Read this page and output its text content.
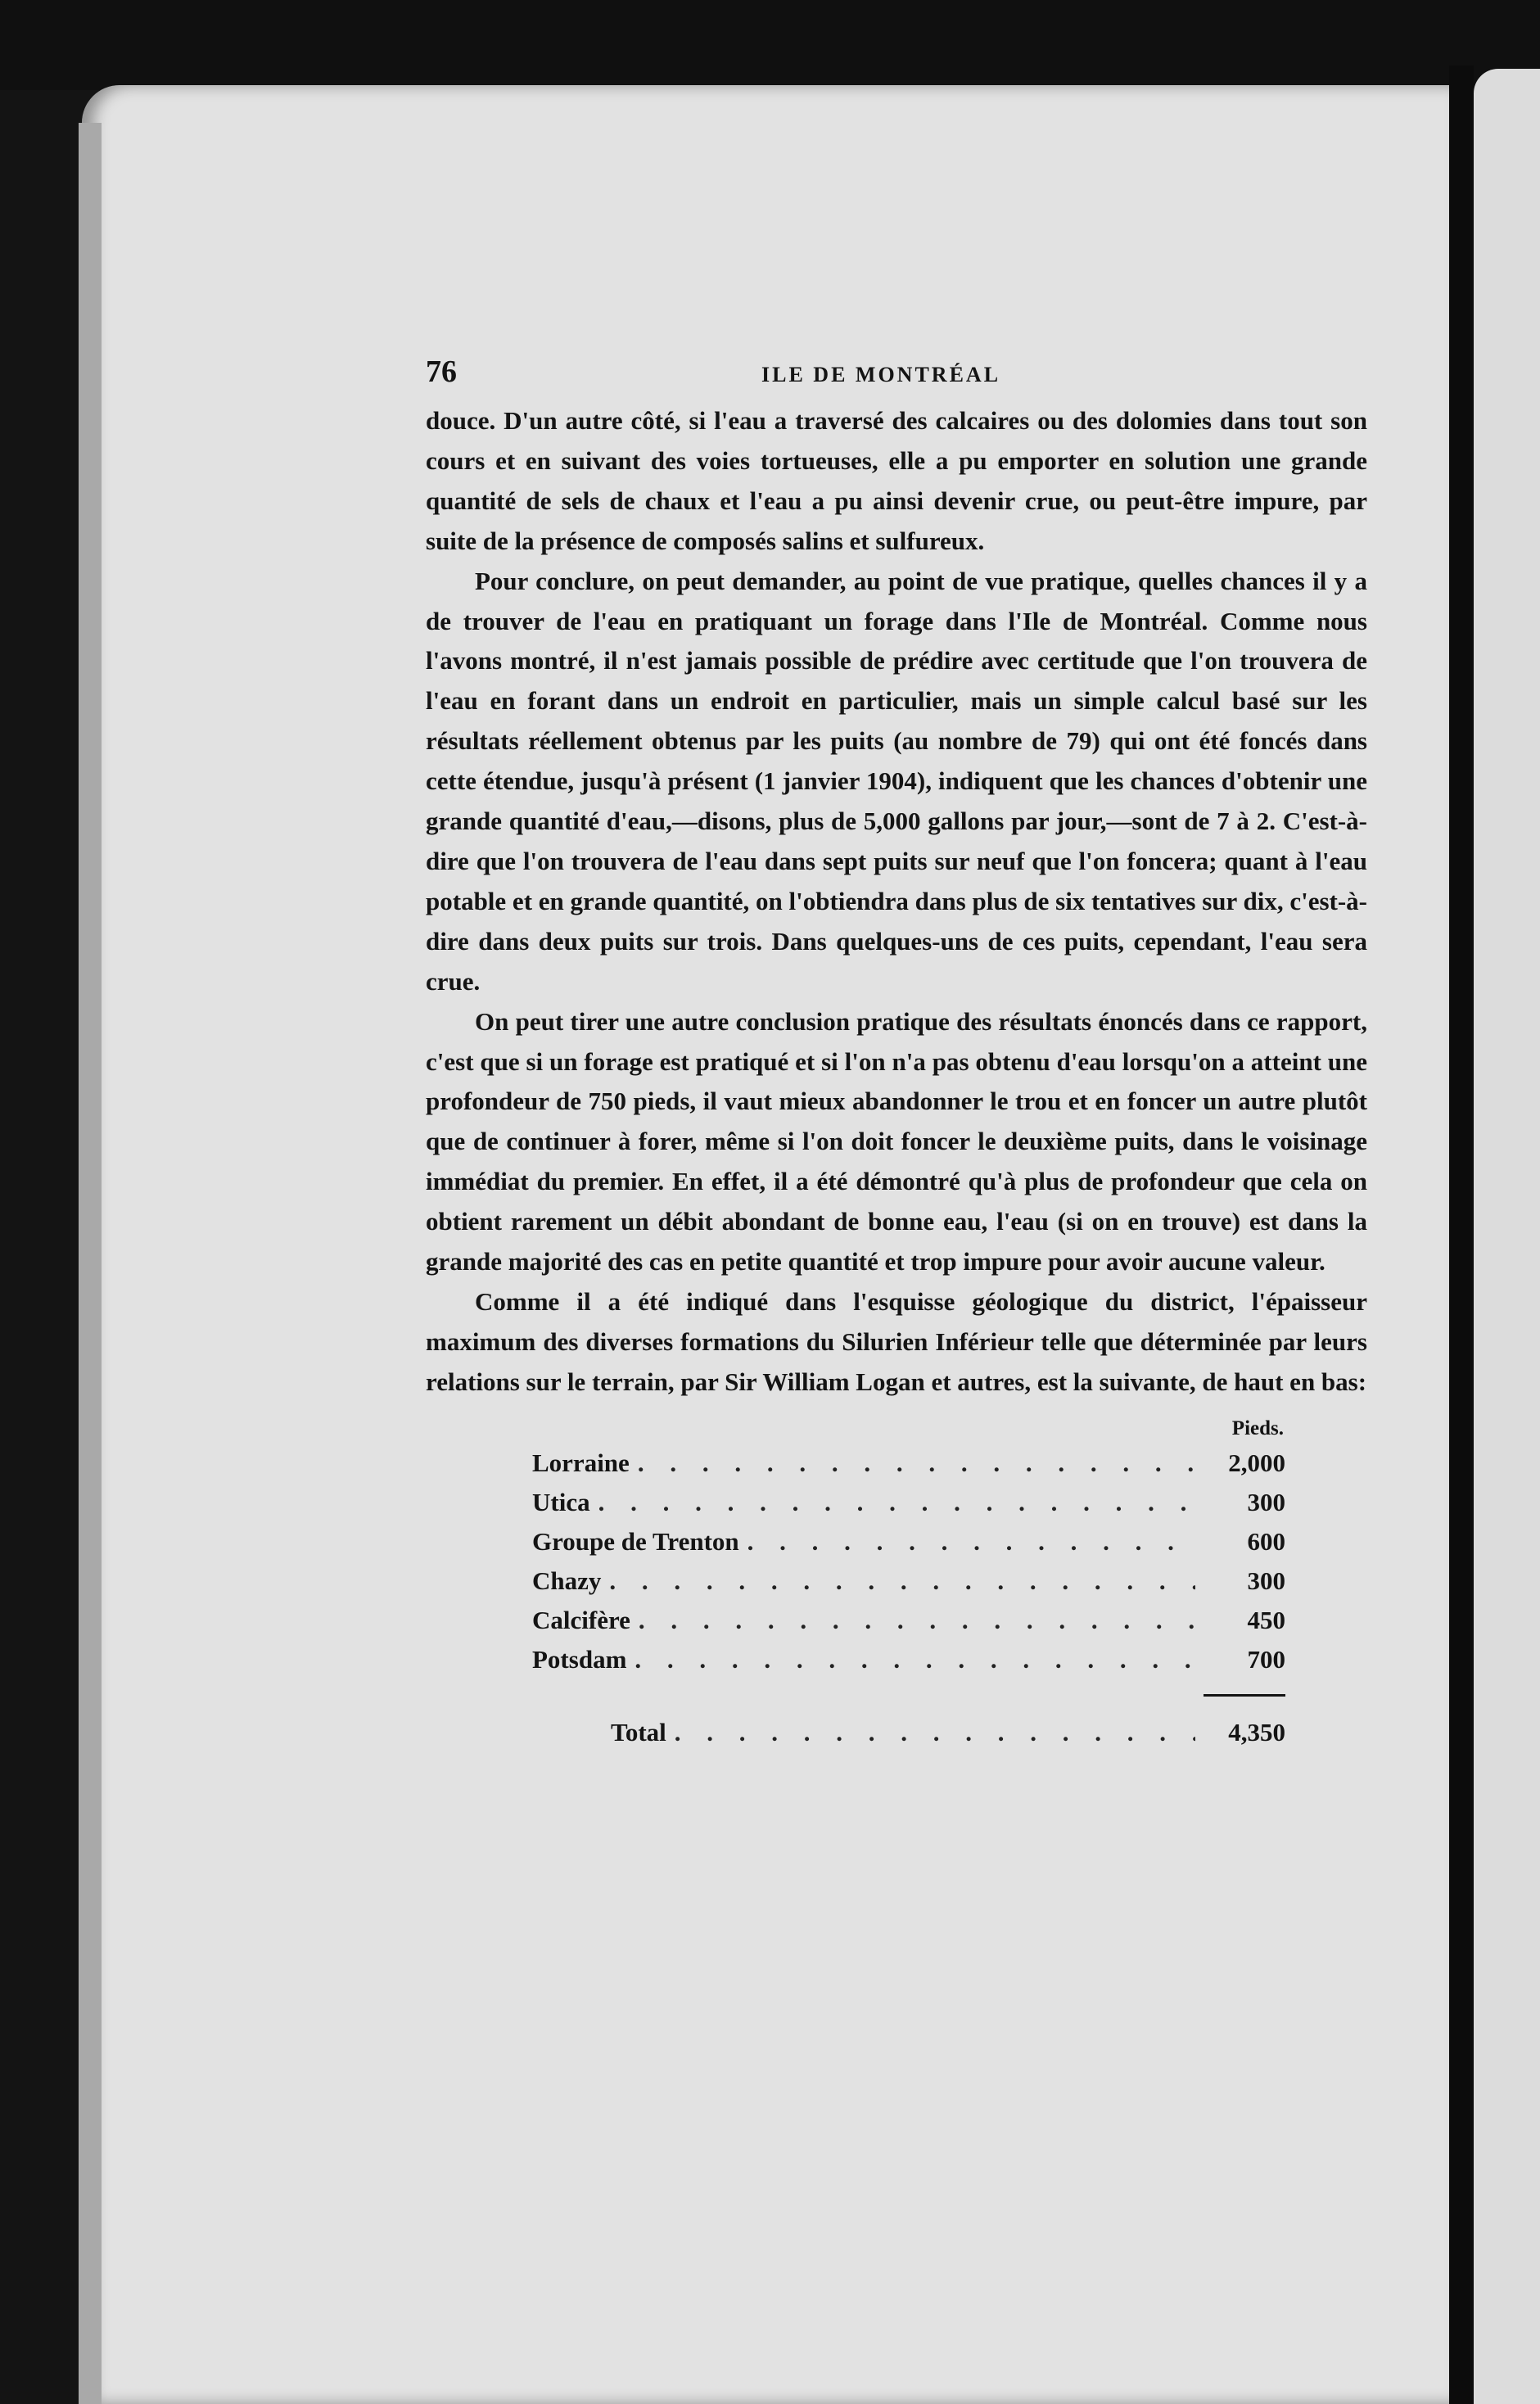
76	ILE DE MONTRÉAL

douce. D'un autre côté, si l'eau a traversé des calcaires ou des dolomies dans tout son cours et en suivant des voies tortueuses, elle a pu emporter en solution une grande quantité de sels de chaux et l'eau a pu ainsi devenir crue, ou peut-être impure, par suite de la présence de composés salins et sulfureux.

Pour conclure, on peut demander, au point de vue pratique, quelles chances il y a de trouver de l'eau en pratiquant un forage dans l'Ile de Montréal. Comme nous l'avons montré, il n'est jamais possible de prédire avec certitude que l'on trouvera de l'eau en forant dans un endroit en particulier, mais un simple calcul basé sur les résultats réellement obtenus par les puits (au nombre de 79) qui ont été foncés dans cette étendue, jusqu'à présent (1 janvier 1904), indiquent que les chances d'obtenir une grande quantité d'eau,—disons, plus de 5,000 gallons par jour,—sont de 7 à 2. C'est-à-dire que l'on trouvera de l'eau dans sept puits sur neuf que l'on foncera; quant à l'eau potable et en grande quantité, on l'obtiendra dans plus de six tentatives sur dix, c'est-à-dire dans deux puits sur trois. Dans quelques-uns de ces puits, cependant, l'eau sera crue.

On peut tirer une autre conclusion pratique des résultats énoncés dans ce rapport, c'est que si un forage est pratiqué et si l'on n'a pas obtenu d'eau lorsqu'on a atteint une profondeur de 750 pieds, il vaut mieux abandonner le trou et en foncer un autre plutôt que de continuer à forer, même si l'on doit foncer le deuxième puits, dans le voisinage immédiat du premier. En effet, il a été démontré qu'à plus de profondeur que cela on obtient rarement un débit abondant de bonne eau, l'eau (si on en trouve) est dans la grande majorité des cas en petite quantité et trop impure pour avoir aucune valeur.

Comme il a été indiqué dans l'esquisse géologique du district, l'épaisseur maximum des diverses formations du Silurien Inférieur telle que déterminée par leurs relations sur le terrain, par Sir William Logan et autres, est la suivante, de haut en bas:

Pieds.
Lorraine . . .	2,000
Utica . . .	300
Groupe de Trenton . . .	600
Chazy . . .	300
Calcifère . . .	450
Potsdam . . .	700
Total . . .	4,350
